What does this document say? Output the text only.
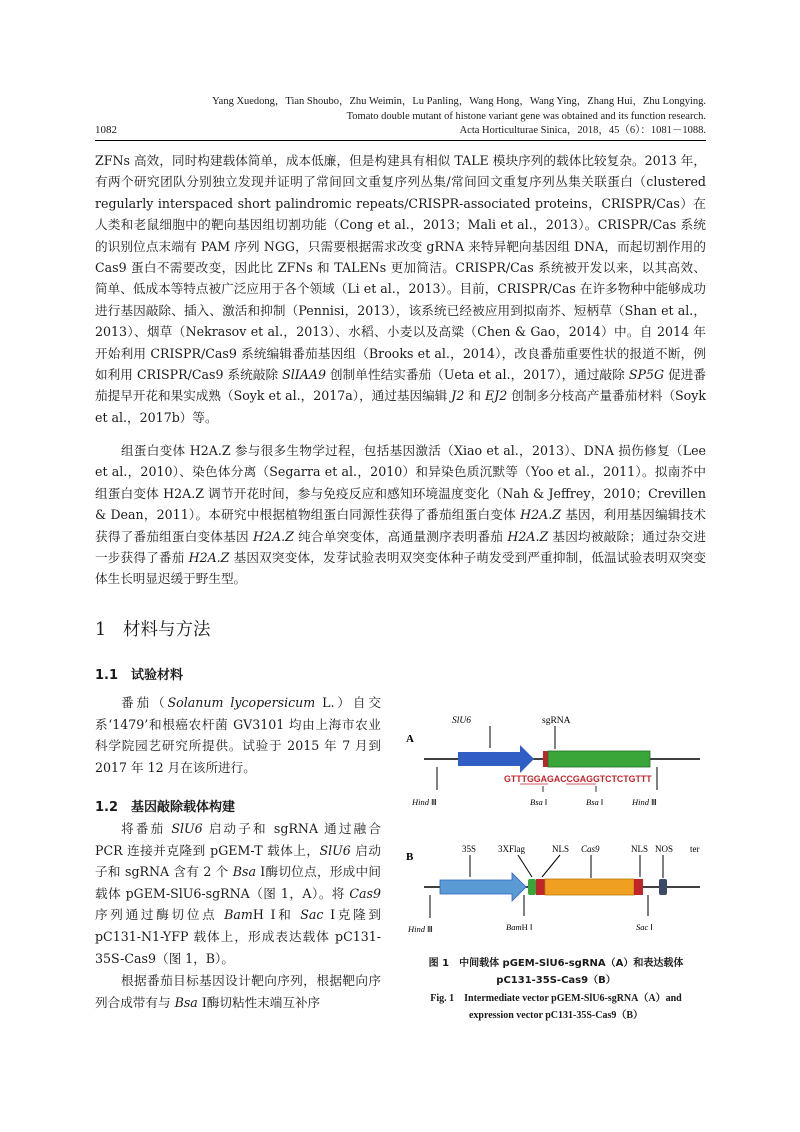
Yang Xuedong，Tian Shoubo，Zhu Weimin，Lu Panling，Wang Hong，Wang Ying，Zhang Hui，Zhu Longying.
Tomato double mutant of histone variant gene was obtained and its function research.
Acta Horticulturae Sinica，2018，45（6）：1081－1088.
1082

ZFNs 高效，同时构建载体简单，成本低廉，但是构建具有相似 TALE 模块序列的载体比较复杂。2013 年，有两个研究团队分别独立发现并证明了常间回文重复序列丛集/常间回文重复序列丛集关联蛋白（clustered regularly interspaced short palindromic repeats/CRISPR-associated proteins，CRISPR/Cas）在人类和老鼠细胞中的靶向基因组切割功能（Cong et al.，2013；Mali et al.，2013）。CRISPR/Cas 系统的识别位点末端有 PAM 序列 NGG，只需要根据需求改变 gRNA 来特异靶向基因组 DNA，而起切割作用的 Cas9 蛋白不需要改变，因此比 ZFNs 和 TALENs 更加简洁。CRISPR/Cas 系统被开发以来，以其高效、简单、低成本等特点被广泛应用于各个领域（Li et al.，2013）。目前，CRISPR/Cas 在许多物种中能够成功进行基因敲除、插入、激活和抑制（Pennisi，2013），该系统已经被应用到拟南芥、短柄草（Shan et al.，2013）、烟草（Nekrasov et al.，2013）、水稻、小麦以及高粱（Chen & Gao，2014）中。自 2014 年开始利用 CRISPR/Cas9 系统编辑番茄基因组（Brooks et al.，2014），改良番茄重要性状的报道不断，例如利用 CRISPR/Cas9 系统敲除 SlIAA9 创制单性结实番茄（Ueta et al.，2017），通过敲除 SP5G 促进番茄提早开花和果实成熟（Soyk et al.，2017a），通过基因编辑 J2 和 EJ2 创制多分枝高产量番茄材料（Soyk et al.，2017b）等。

组蛋白变体 H2A.Z 参与很多生物学过程，包括基因激活（Xiao et al.，2013）、DNA 损伤修复（Lee et al.，2010）、染色体分离（Segarra et al.，2010）和异染色质沉默等（Yoo et al.，2011）。拟南芥中组蛋白变体 H2A.Z 调节开花时间，参与免疫反应和感知环境温度变化（Nah & Jeffrey，2010；Crevillen & Dean，2011）。本研究中根据植物组蛋白同源性获得了番茄组蛋白变体 H2A.Z 基因，利用基因编辑技术获得了番茄组蛋白变体基因 H2A.Z 纯合单突变体，高通量测序表明番茄 H2A.Z 基因均被敲除；通过杂交进一步获得了番茄 H2A.Z 基因双突变体，发芽试验表明双突变体种子萌发受到严重抑制，低温试验表明双突变体生长明显迟缓于野生型。

1 材料与方法
1.1 试验材料

番茄（Solanum lycopersicum L.）自交系‘1479’和根癌农杆菌 GV3101 均由上海市农业科学院园艺研究所提供。试验于 2015 年 7 月到 2017 年 12 月在该所进行。

1.2 基因敲除载体构建

将番茄 SlU6 启动子和 sgRNA 通过融合 PCR 连接并克隆到 pGEM-T 载体上，SlU6 启动子和 sgRNA 含有 2 个 Bsa Ⅰ酶切位点，形成中间载体 pGEM-SlU6-sgRNA（图 1，A）。将 Cas9 序列通过酶切位点 BamH Ⅰ和 Sac Ⅰ克隆到 pC131-N1-YFP 载体上，形成表达载体 pC131-35S-Cas9（图 1，B）。

根据番茄目标基因设计靶向序列，根据靶向序列合成带有与 Bsa Ⅰ酶切粘性末端互补序

A
SlU6	sgRNA
GTTTGGAGACCGAGGTCTCTGTTT
Hind Ⅲ	Bsa Ⅰ	Bsa Ⅰ	Hind Ⅲ
B
35S 3XFlag	NLS Cas9	NLS NOS ter
Hind Ⅲ	BamH Ⅰ	Sac Ⅰ
图 1　中间载体 pGEM-SlU6-sgRNA（A）和表达载体
pC131-35S-Cas9（B）
Fig. 1　Intermediate vector pGEM-SlU6-sgRNA（A）and
expression vector pC131-35S-Cas9（B）
